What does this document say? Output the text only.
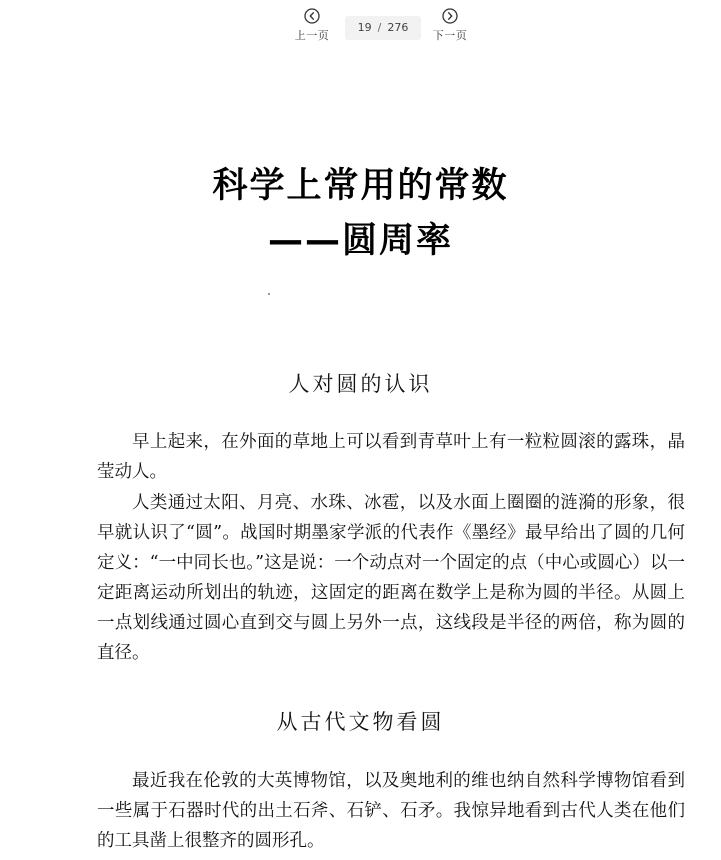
上一页
19 / 276
下一页
科学上常用的常数
——圆周率
人对圆的认识

早上起来，在外面的草地上可以看到青草叶上有一粒粒圆滚的露珠，晶莹动人。

人类通过太阳、月亮、水珠、冰雹，以及水面上圈圈的涟漪的形象，很早就认识了“圆”。战国时期墨家学派的代表作《墨经》最早给出了圆的几何定义：“一中同长也。”这是说：一个动点对一个固定的点（中心或圆心）以一定距离运动所划出的轨迹，这固定的距离在数学上是称为圆的半径。从圆上一点划线通过圆心直到交与圆上另外一点，这线段是半径的两倍，称为圆的直径。

从古代文物看圆

最近我在伦敦的大英博物馆，以及奥地利的维也纳自然科学博物馆看到一些属于石器时代的出土石斧、石铲、石矛。我惊异地看到古代人类在他们的工具凿上很整齐的圆形孔。
